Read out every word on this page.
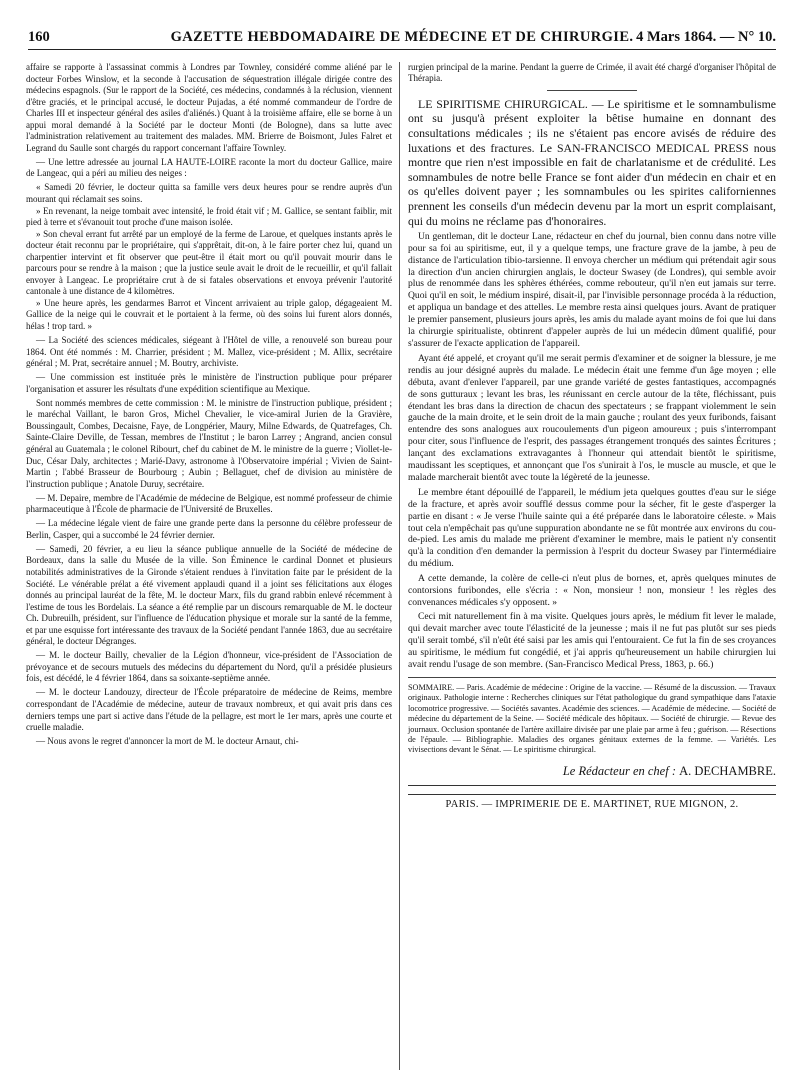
160	GAZETTE HEBDOMADAIRE DE MÉDECINE ET DE CHIRURGIE. 4 Mars 1864. — N° 10.

affaire se rapporte à l'assassinat commis à Londres par Townley, considéré comme aliéné par le docteur Forbes Winslow, et la seconde à l'accusation de séquestration illégale dirigée contre des médecins espagnols. (Sur le rapport de la Société, ces médecins, condamnés à la réclusion, viennent d'être graciés, et le principal accusé, le docteur Pujadas, a été nommé commandeur de l'ordre de Charles III et inspecteur général des asiles d'aliénés.) Quant à la troisième affaire, elle se borne à un appui moral demandé à la Société par le docteur Monti (de Bologne), dans sa lutte avec l'administration relativement au traitement des malades. MM. Brierre de Boismont, Jules Falret et Legrand du Saulle sont chargés du rapport concernant l'affaire Townley.

— Une lettre adressée au journal LA HAUTE-LOIRE raconte la mort du docteur Gallice, maire de Langeac, qui a péri au milieu des neiges :

« Samedi 20 février, le docteur quitta sa famille vers deux heures pour se rendre auprès d'un mourant qui réclamait ses soins.

» En revenant, la neige tombait avec intensité, le froid était vif ; M. Gallice, se sentant faiblir, mit pied à terre et s'évanouit tout proche d'une maison isolée.

» Son cheval errant fut arrêté par un employé de la ferme de Laroue, et quelques instants après le docteur était reconnu par le propriétaire, qui s'apprêtait, dit-on, à le faire porter chez lui, quand un charpentier intervint et fit observer que peut-être il était mort ou qu'il pouvait mourir dans le parcours pour se rendre à la maison ; que la justice seule avait le droit de le recueillir, et qu'il fallait envoyer à Langeac. Le propriétaire crut à de si fatales observations et envoya prévenir l'autorité cantonale à une distance de 4 kilomètres.

» Une heure après, les gendarmes Barrot et Vincent arrivaient au triple galop, dégageaient M. Gallice de la neige qui le couvrait et le portaient à la ferme, où des soins lui furent alors donnés, hélas ! trop tard. »

— La Société des sciences médicales, siégeant à l'Hôtel de ville, a renouvelé son bureau pour 1864. Ont été nommés : M. Charrier, président ; M. Mallez, vice-président ; M. Allix, secrétaire général ; M. Prat, secrétaire annuel ; M. Boutry, archiviste.

— Une commission est instituée près le ministère de l'instruction publique pour préparer l'organisation et assurer les résultats d'une expédition scientifique au Mexique.

Sont nommés membres de cette commission : M. le ministre de l'instruction publique, président ; le maréchal Vaillant, le baron Gros, Michel Chevalier, le vice-amiral Jurien de la Gravière, Boussingault, Combes, Decaisne, Faye, de Longpérier, Maury, Milne Edwards, de Quatrefages, Ch. Sainte-Claire Deville, de Tessan, membres de l'Institut ; le baron Larrey ; Angrand, ancien consul général au Guatemala ; le colonel Ribourt, chef du cabinet de M. le ministre de la guerre ; Viollet-le-Duc, César Daly, architectes ; Marié-Davy, astronome à l'Observatoire impérial ; Vivien de Saint-Martin ; l'abbé Brasseur de Bourbourg ; Aubin ; Bellaguet, chef de division au ministère de l'instruction publique ; Anatole Duruy, secrétaire.

— M. Depaire, membre de l'Académie de médecine de Belgique, est nommé professeur de chimie pharmaceutique à l'École de pharmacie de l'Université de Bruxelles.

— La médecine légale vient de faire une grande perte dans la personne du célèbre professeur de Berlin, Casper, qui a succombé le 24 février dernier.

— Samedi, 20 février, a eu lieu la séance publique annuelle de la Société de médecine de Bordeaux, dans la salle du Musée de la ville. Son Éminence le cardinal Donnet et plusieurs notabilités administratives de la Gironde s'étaient rendues à l'invitation faite par le président de la Société. Le vénérable prélat a été vivement applaudi quand il a joint ses félicitations aux éloges donnés au principal lauréat de la fête, M. le docteur Marx, fils du grand rabbin enlevé récemment à l'estime de tous les Bordelais. La séance a été remplie par un discours remarquable de M. le docteur Ch. Dubreuilh, président, sur l'influence de l'éducation physique et morale sur la santé de la femme, et par une esquisse fort intéressante des travaux de la Société pendant l'année 1863, due au secrétaire général, le docteur Dégranges.

— M. le docteur Bailly, chevalier de la Légion d'honneur, vice-président de l'Association de prévoyance et de secours mutuels des médecins du département du Nord, qu'il a présidée plusieurs fois, est décédé, le 4 février 1864, dans sa soixante-septième année.

— M. le docteur Landouzy, directeur de l'École préparatoire de médecine de Reims, membre correspondant de l'Académie de médecine, auteur de travaux nombreux, et qui avait pris dans ces derniers temps une part si active dans l'étude de la pellagre, est mort le 1er mars, après une courte et cruelle maladie.

— Nous avons le regret d'annoncer la mort de M. le docteur Arnaut, chi-

rurgien principal de la marine. Pendant la guerre de Crimée, il avait été chargé d'organiser l'hôpital de Thérapia.

LE SPIRITISME CHIRURGICAL. — Le spiritisme et le somnambulisme ont su jusqu'à présent exploiter la bêtise humaine en donnant des consultations médicales ; ils ne s'étaient pas encore avisés de réduire des luxations et des fractures. Le SAN-FRANCISCO MEDICAL PRESS nous montre que rien n'est impossible en fait de charlatanisme et de crédulité. Les somnambules de notre belle France se font aider d'un médecin en chair et en os qu'elles doivent payer ; les somnambules ou les spirites californiennes prennent les conseils d'un médecin devenu par la mort un esprit complaisant, qui du moins ne réclame pas d'honoraires.

Un gentleman, dit le docteur Lane, rédacteur en chef du journal, bien connu dans notre ville pour sa foi au spiritisme, eut, il y a quelque temps, une fracture grave de la jambe, à peu de distance de l'articulation tibio-tarsienne. Il envoya chercher un médium qui prétendait agir sous la direction d'un ancien chirurgien anglais, le docteur Swasey (de Londres), qui semble avoir plus de renommée dans les sphères éthérées, comme rebouteur, qu'il n'en eut jamais sur terre. Quoi qu'il en soit, le médium inspiré, disait-il, par l'invisible personnage procéda à la réduction, et appliqua un bandage et des attelles. Le membre resta ainsi quelques jours. Avant de pratiquer le premier pansement, plusieurs jours après, les amis du malade ayant moins de foi que lui dans la chirurgie spiritualiste, obtinrent d'appeler auprès de lui un médecin dûment qualifié, pour s'assurer de l'exacte application de l'appareil.

Ayant été appelé, et croyant qu'il me serait permis d'examiner et de soigner la blessure, je me rendis au jour désigné auprès du malade. Le médecin était une femme d'un âge moyen ; elle débuta, avant d'enlever l'appareil, par une grande variété de gestes fantastiques, accompagnés de sons gutturaux ; levant les bras, les réunissant en cercle autour de la tête, fléchissant, puis étendant les bras dans la direction de chacun des spectateurs ; se frappant violemment le sein gauche de la main droite, et le sein droit de la main gauche ; roulant des yeux furibonds, faisant entendre des sons analogues aux roucoulements d'un pigeon amoureux ; puis s'interrompant pour citer, sous l'influence de l'esprit, des passages étrangement tronqués des saintes Écritures ; lançant des exclamations extravagantes à l'honneur qui attendait bientôt le spiritisme, maudissant les sceptiques, et annonçant que l'os s'unirait à l'os, le muscle au muscle, et que le malade marcherait bientôt avec toute la légèreté de la jeunesse.

Le membre étant dépouillé de l'appareil, le médium jeta quelques gouttes d'eau sur le siége de la fracture, et après avoir soufflé dessus comme pour la sécher, fit le geste d'asperger la partie en disant : « Je verse l'huile sainte qui a été préparée dans le laboratoire céleste. » Mais tout cela n'empêchait pas qu'une suppuration abondante ne se fût montrée aux environs du cou-de-pied. Les amis du malade me prièrent d'examiner le membre, mais le patient n'y consentit qu'à la condition d'en demander la permission à l'esprit du docteur Swasey par l'intermédiaire du médium.

A cette demande, la colère de celle-ci n'eut plus de bornes, et, après quelques minutes de contorsions furibondes, elle s'écria : « Non, monsieur ! non, monsieur ! les règles des convenances médicales s'y opposent. »

Ceci mit naturellement fin à ma visite. Quelques jours après, le médium fit lever le malade, qui devait marcher avec toute l'élasticité de la jeunesse ; mais il ne fut pas plutôt sur ses pieds qu'il serait tombé, s'il n'eût été saisi par les amis qui l'entouraient. Ce fut la fin de ses croyances au spiritisme, le médium fut congédié, et j'ai appris qu'heureusement un habile chirurgien lui avait rendu l'usage de son membre. (San-Francisco Medical Press, 1863, p. 66.)

SOMMAIRE. — Paris. Académie de médecine : Origine de la vaccine. — Résumé de la discussion. — Travaux originaux. Pathologie interne : Recherches cliniques sur l'état pathologique du grand sympathique dans l'ataxie locomotrice progressive. — Sociétés savantes. Académie des sciences. — Académie de médecine. — Société de médecine du département de la Seine. — Société médicale des hôpitaux. — Société de chirurgie. — Revue des journaux. Occlusion spontanée de l'artère axillaire divisée par une plaie par arme à feu ; guérison. — Résections de l'épaule. — Bibliographie. Maladies des organes génitaux externes de la femme. — Variétés. Les vivisections devant le Sénat. — Le spiritisme chirurgical.
Le Rédacteur en chef : A. DECHAMBRE.
PARIS. — IMPRIMERIE DE E. MARTINET, RUE MIGNON, 2.
